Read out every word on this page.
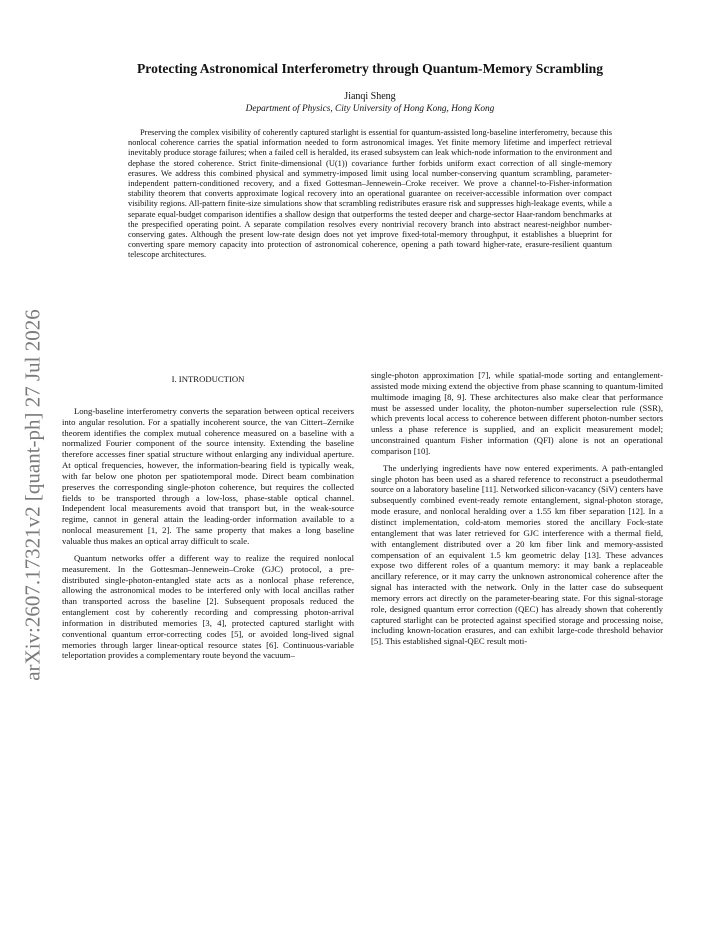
arXiv:2607.17321v2 [quant-ph] 27 Jul 2026
Protecting Astronomical Interferometry through Quantum-Memory Scrambling
Jianqi Sheng
Department of Physics, City University of Hong Kong, Hong Kong

Preserving the complex visibility of coherently captured starlight is essential for quantum-assisted long-baseline interferometry, because this nonlocal coherence carries the spatial information needed to form astronomical images. Yet finite memory lifetime and imperfect retrieval inevitably produce storage failures; when a failed cell is heralded, its erased subsystem can leak which-node information to the environment and dephase the stored coherence. Strict finite-dimensional (U(1)) covariance further forbids uniform exact correction of all single-memory erasures. We address this combined physical and symmetry-imposed limit using local number-conserving quantum scrambling, parameter-independent pattern-conditioned recovery, and a fixed Gottesman–Jennewein–Croke receiver. We prove a channel-to-Fisher-information stability theorem that converts approximate logical recovery into an operational guarantee on receiver-accessible information over compact visibility regions. All-pattern finite-size simulations show that scrambling redistributes erasure risk and suppresses high-leakage events, while a separate equal-budget comparison identifies a shallow design that outperforms the tested deeper and charge-sector Haar-random benchmarks at the prespecified operating point. A separate compilation resolves every nontrivial recovery branch into abstract nearest-neighbor number-conserving gates. Although the present low-rate design does not yet improve fixed-total-memory throughput, it establishes a blueprint for converting spare memory capacity into protection of astronomical coherence, opening a path toward higher-rate, erasure-resilient quantum telescope architectures.

I. INTRODUCTION

Long-baseline interferometry converts the separation between optical receivers into angular resolution. For a spatially incoherent source, the van Cittert–Zernike theorem identifies the complex mutual coherence measured on a baseline with a normalized Fourier component of the source intensity. Extending the baseline therefore accesses finer spatial structure without enlarging any individual aperture. At optical frequencies, however, the information-bearing field is typically weak, with far below one photon per spatiotemporal mode. Direct beam combination preserves the corresponding single-photon coherence, but requires the collected fields to be transported through a low-loss, phase-stable optical channel. Independent local measurements avoid that transport but, in the weak-source regime, cannot in general attain the leading-order information available to a nonlocal measurement [1, 2]. The same property that makes a long baseline valuable thus makes an optical array difficult to scale.

Quantum networks offer a different way to realize the required nonlocal measurement. In the Gottesman–Jennewein–Croke (GJC) protocol, a pre-distributed single-photon-entangled state acts as a nonlocal phase reference, allowing the astronomical modes to be interfered only with local ancillas rather than transported across the baseline [2]. Subsequent proposals reduced the entanglement cost by coherently recording and compressing photon-arrival information in distributed memories [3, 4], protected captured starlight with conventional quantum error-correcting codes [5], or avoided long-lived signal memories through larger linear-optical resource states [6]. Continuous-variable teleportation provides a complementary route beyond the vacuum–

single-photon approximation [7], while spatial-mode sorting and entanglement-assisted mode mixing extend the objective from phase scanning to quantum-limited multimode imaging [8, 9]. These architectures also make clear that performance must be assessed under locality, the photon-number superselection rule (SSR), which prevents local access to coherence between different photon-number sectors unless a phase reference is supplied, and an explicit measurement model; unconstrained quantum Fisher information (QFI) alone is not an operational comparison [10].

The underlying ingredients have now entered experiments. A path-entangled single photon has been used as a shared reference to reconstruct a pseudothermal source on a laboratory baseline [11]. Networked silicon-vacancy (SiV) centers have subsequently combined event-ready remote entanglement, signal-photon storage, mode erasure, and nonlocal heralding over a 1.55 km fiber separation [12]. In a distinct implementation, cold-atom memories stored the ancillary Fock-state entanglement that was later retrieved for GJC interference with a thermal field, with entanglement distributed over a 20 km fiber link and memory-assisted compensation of an equivalent 1.5 km geometric delay [13]. These advances expose two different roles of a quantum memory: it may bank a replaceable ancillary reference, or it may carry the unknown astronomical coherence after the signal has interacted with the network. Only in the latter case do subsequent memory errors act directly on the parameter-bearing state. For this signal-storage role, designed quantum error correction (QEC) has already shown that coherently captured starlight can be protected against specified storage and processing noise, including known-location erasures, and can exhibit large-code threshold behavior [5]. This established signal-QEC result moti-
